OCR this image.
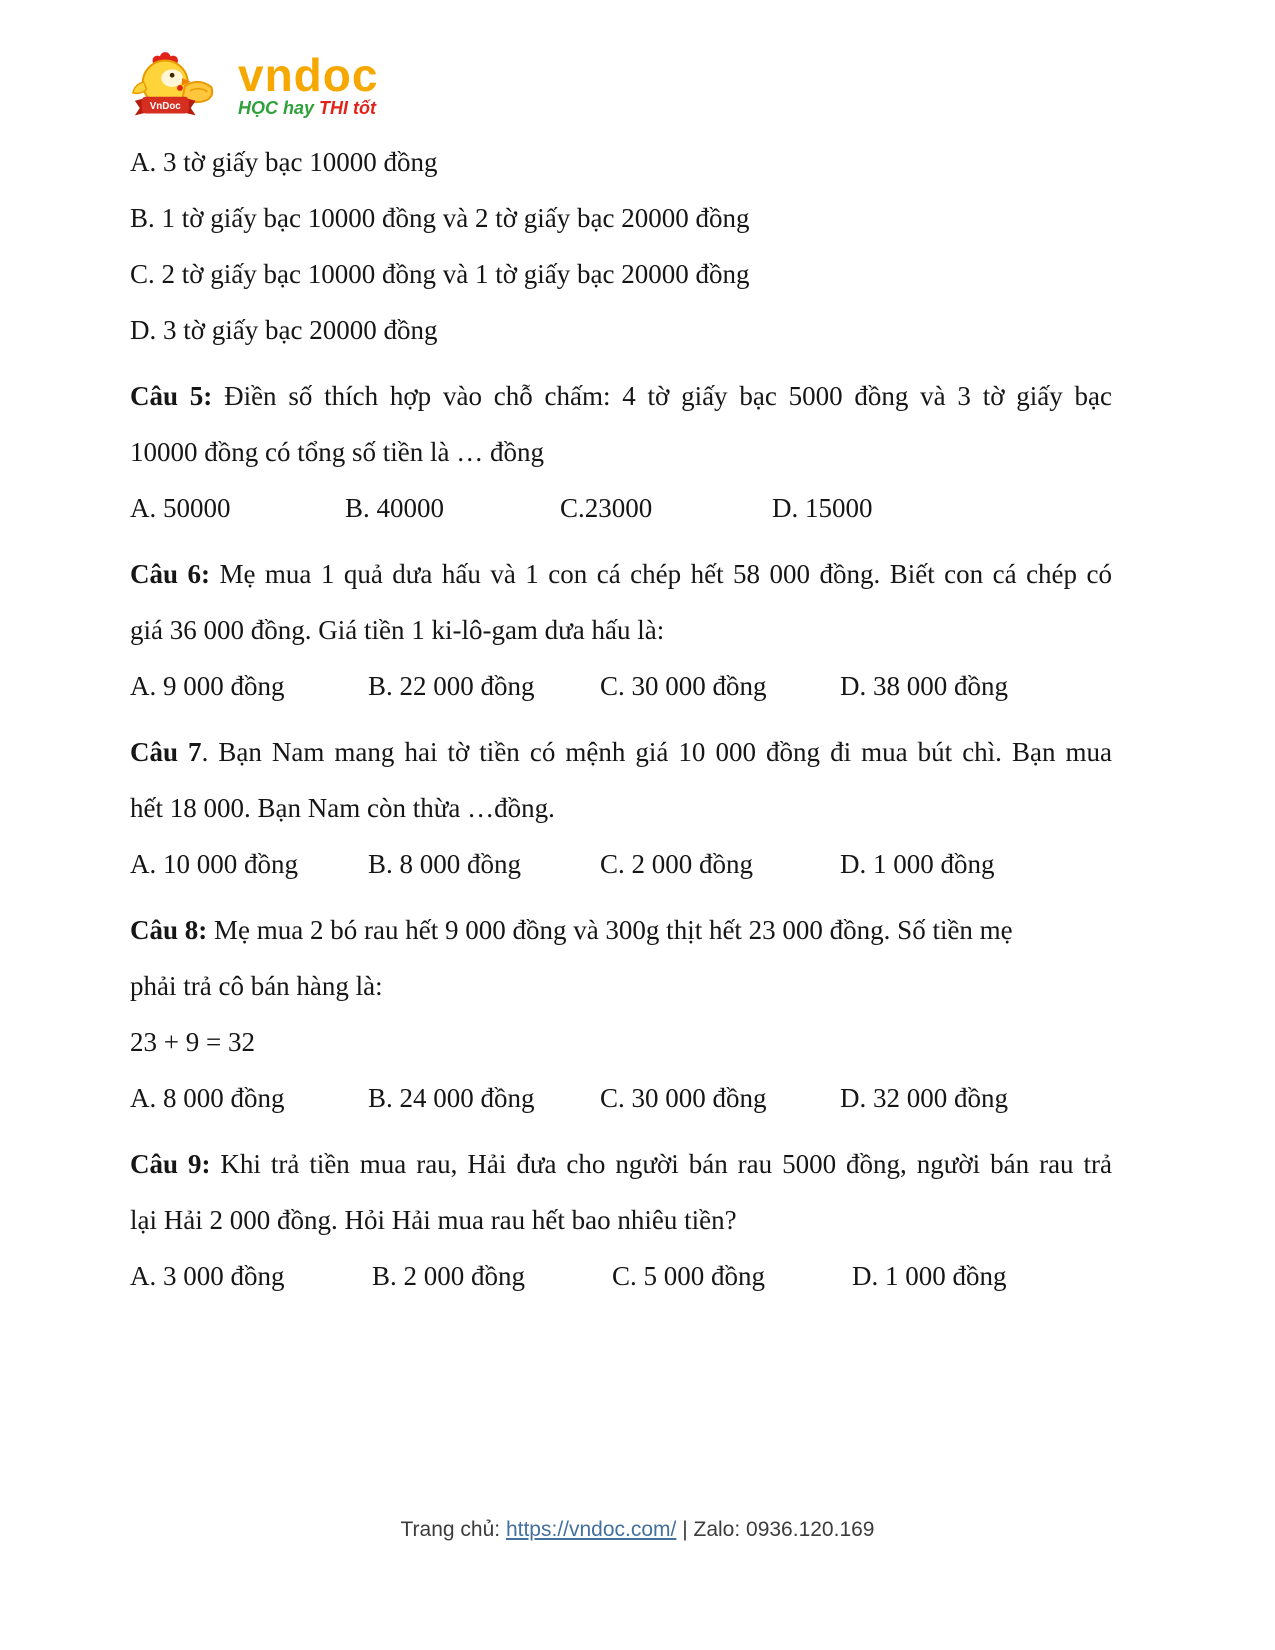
VnDoc
vndoc
HỌC hay THI tốt

A. 3 tờ giấy bạc 10000 đồng

B. 1 tờ giấy bạc 10000 đồng và 2 tờ giấy bạc 20000 đồng

C. 2 tờ giấy bạc 10000 đồng và 1 tờ giấy bạc 20000 đồng

D. 3 tờ giấy bạc 20000 đồng

Câu 5: Điền số thích hợp vào chỗ chấm: 4 tờ giấy bạc 5000 đồng và 3 tờ giấy bạc

10000 đồng có tổng số tiền là … đồng

A. 50000	B. 40000	C.23000	D. 15000

Câu 6: Mẹ mua 1 quả dưa hấu và 1 con cá chép hết 58 000 đồng. Biết con cá chép có

giá 36 000 đồng. Giá tiền 1 ki-lô-gam dưa hấu là:

A. 9 000 đồng	B. 22 000 đồng	C. 30 000 đồng	D. 38 000 đồng

Câu 7. Bạn Nam mang hai tờ tiền có mệnh giá 10 000 đồng đi mua bút chì. Bạn mua

hết 18 000. Bạn Nam còn thừa …đồng.

A. 10 000 đồng	B. 8 000 đồng	C. 2 000 đồng	D. 1 000 đồng

Câu 8: Mẹ mua 2 bó rau hết 9 000 đồng và 300g thịt hết 23 000 đồng. Số tiền mẹ

phải trả cô bán hàng là:

23 + 9 = 32

A. 8 000 đồng	B. 24 000 đồng	C. 30 000 đồng	D. 32 000 đồng

Câu 9: Khi trả tiền mua rau, Hải đưa cho người bán rau 5000 đồng, người bán rau trả

lại Hải 2 000 đồng. Hỏi Hải mua rau hết bao nhiêu tiền?

A. 3 000 đồng	B. 2 000 đồng	C. 5 000 đồng	D. 1 000 đồng
Trang chủ: https://vndoc.com/ | Zalo: 0936.120.169
